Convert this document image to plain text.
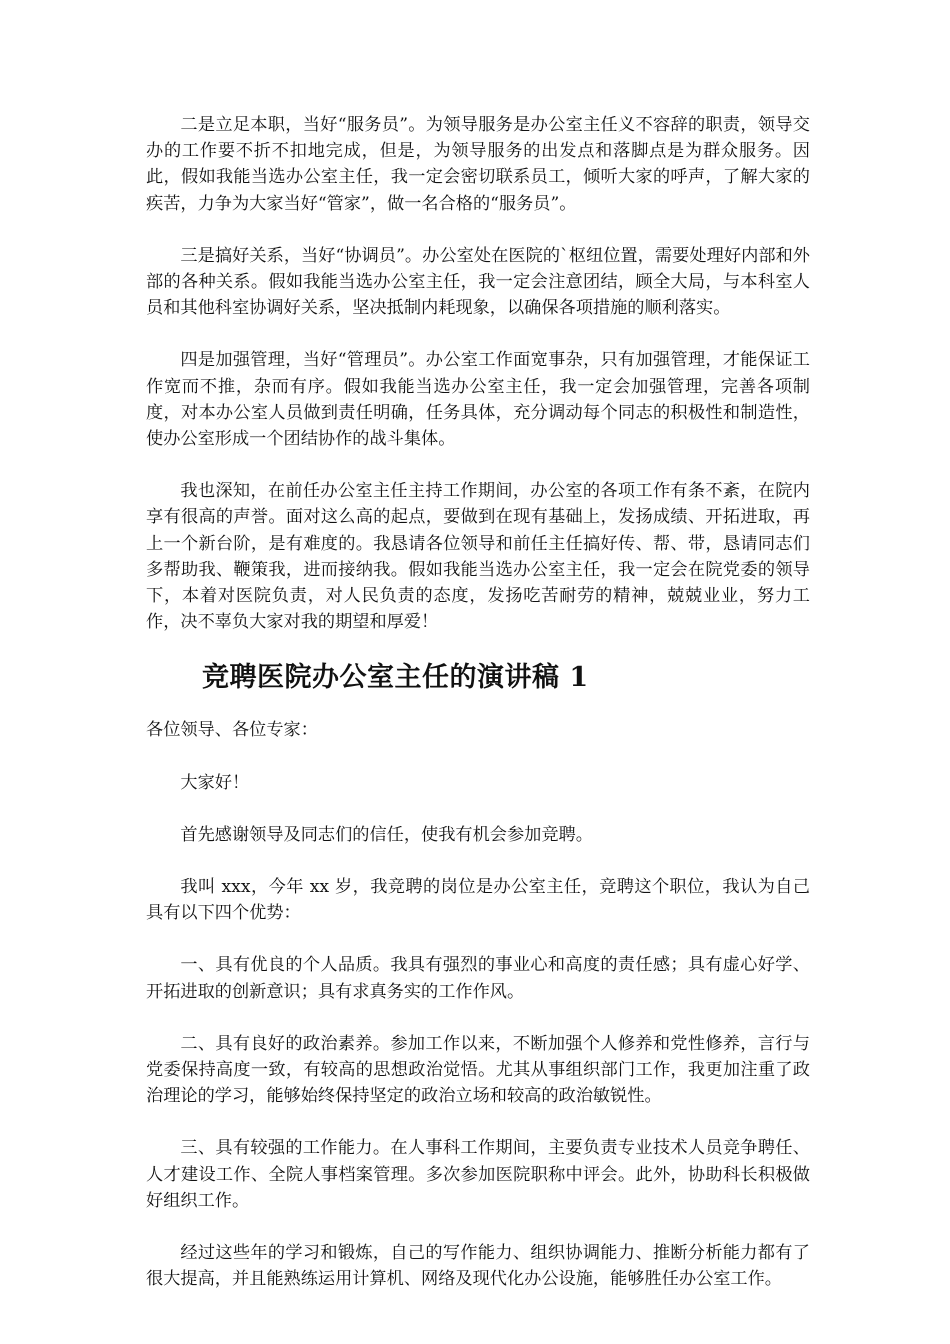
二是立足本职，当好“服务员”。为领导服务是办公室主任义不容辞的职责，领导交办的工作要不折不扣地完成，但是，为领导服务的出发点和落脚点是为群众服务。因此，假如我能当选办公室主任，我一定会密切联系员工，倾听大家的呼声，了解大家的疾苦，力争为大家当好“管家”，做一名合格的“服务员”。

三是搞好关系，当好“协调员”。办公室处在医院的`枢纽位置，需要处理好内部和外部的各种关系。假如我能当选办公室主任，我一定会注意团结，顾全大局，与本科室人员和其他科室协调好关系，坚决抵制内耗现象，以确保各项措施的顺利落实。

四是加强管理，当好“管理员”。办公室工作面宽事杂，只有加强管理，才能保证工作宽而不推，杂而有序。假如我能当选办公室主任，我一定会加强管理，完善各项制度，对本办公室人员做到责任明确，任务具体，充分调动每个同志的积极性和制造性，使办公室形成一个团结协作的战斗集体。

我也深知，在前任办公室主任主持工作期间，办公室的各项工作有条不紊，在院内享有很高的声誉。面对这么高的起点，要做到在现有基础上，发扬成绩、开拓进取，再上一个新台阶，是有难度的。我恳请各位领导和前任主任搞好传、帮、带，恳请同志们多帮助我、鞭策我，进而接纳我。假如我能当选办公室主任，我一定会在院党委的领导下，本着对医院负责，对人民负责的态度，发扬吃苦耐劳的精神，兢兢业业，努力工作，决不辜负大家对我的期望和厚爱！

竞聘医院办公室主任的演讲稿 1

各位领导、各位专家：

大家好！

首先感谢领导及同志们的信任，使我有机会参加竞聘。

我叫 xxx，今年 xx 岁，我竞聘的岗位是办公室主任，竞聘这个职位，我认为自己具有以下四个优势：

一、具有优良的个人品质。我具有强烈的事业心和高度的责任感；具有虚心好学、开拓进取的创新意识；具有求真务实的工作作风。

二、具有良好的政治素养。参加工作以来，不断加强个人修养和党性修养，言行与党委保持高度一致，有较高的思想政治觉悟。尤其从事组织部门工作，我更加注重了政治理论的学习，能够始终保持坚定的政治立场和较高的政治敏锐性。

三、具有较强的工作能力。在人事科工作期间，主要负责专业技术人员竞争聘任、人才建设工作、全院人事档案管理。多次参加医院职称中评会。此外，协助科长积极做好组织工作。

经过这些年的学习和锻炼，自己的写作能力、组织协调能力、推断分析能力都有了很大提高，并且能熟练运用计算机、网络及现代化办公设施，能够胜任办公室工作。
